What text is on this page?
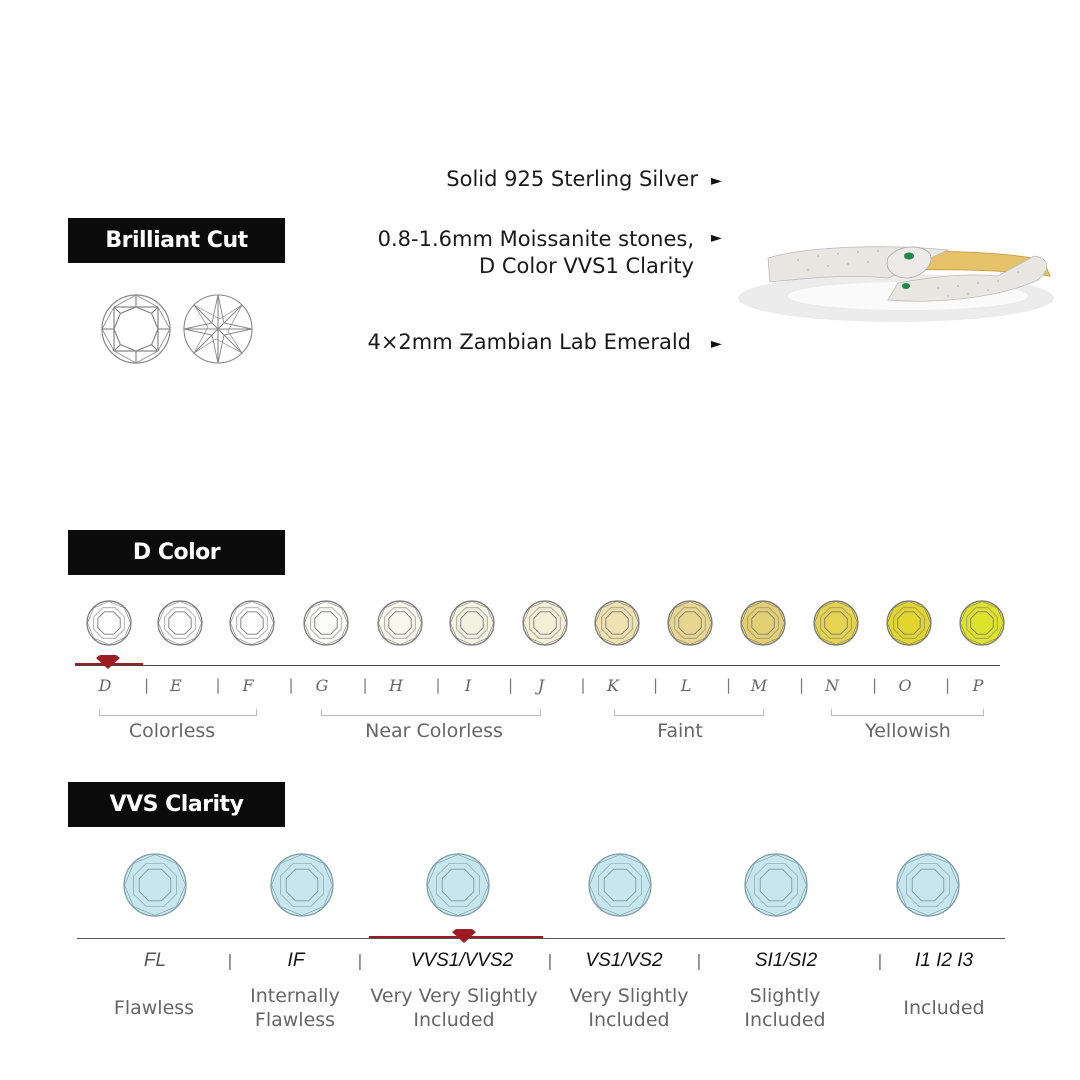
Brilliant Cut
D Color
VVS Clarity
Solid 925 Sterling Silver ►
0.8-1.6mm Moissanite stones,
D Color VVS1 Clarity
►
4×2mm Zambian Lab Emerald ►
D | E | F | G | H | I | J | K | L | M | N | O | P
Colorless	Near Colorless	Faint	Yellowish
FL
Flawless
|	IF
Internally
Flawless
|	VVS1/VVS2
Very Very Slightly
Included
| VS1/VS2
Very Slightly
Included
|	SI1/SI2
Slightly
Included
| I1 I2 I3
Included
